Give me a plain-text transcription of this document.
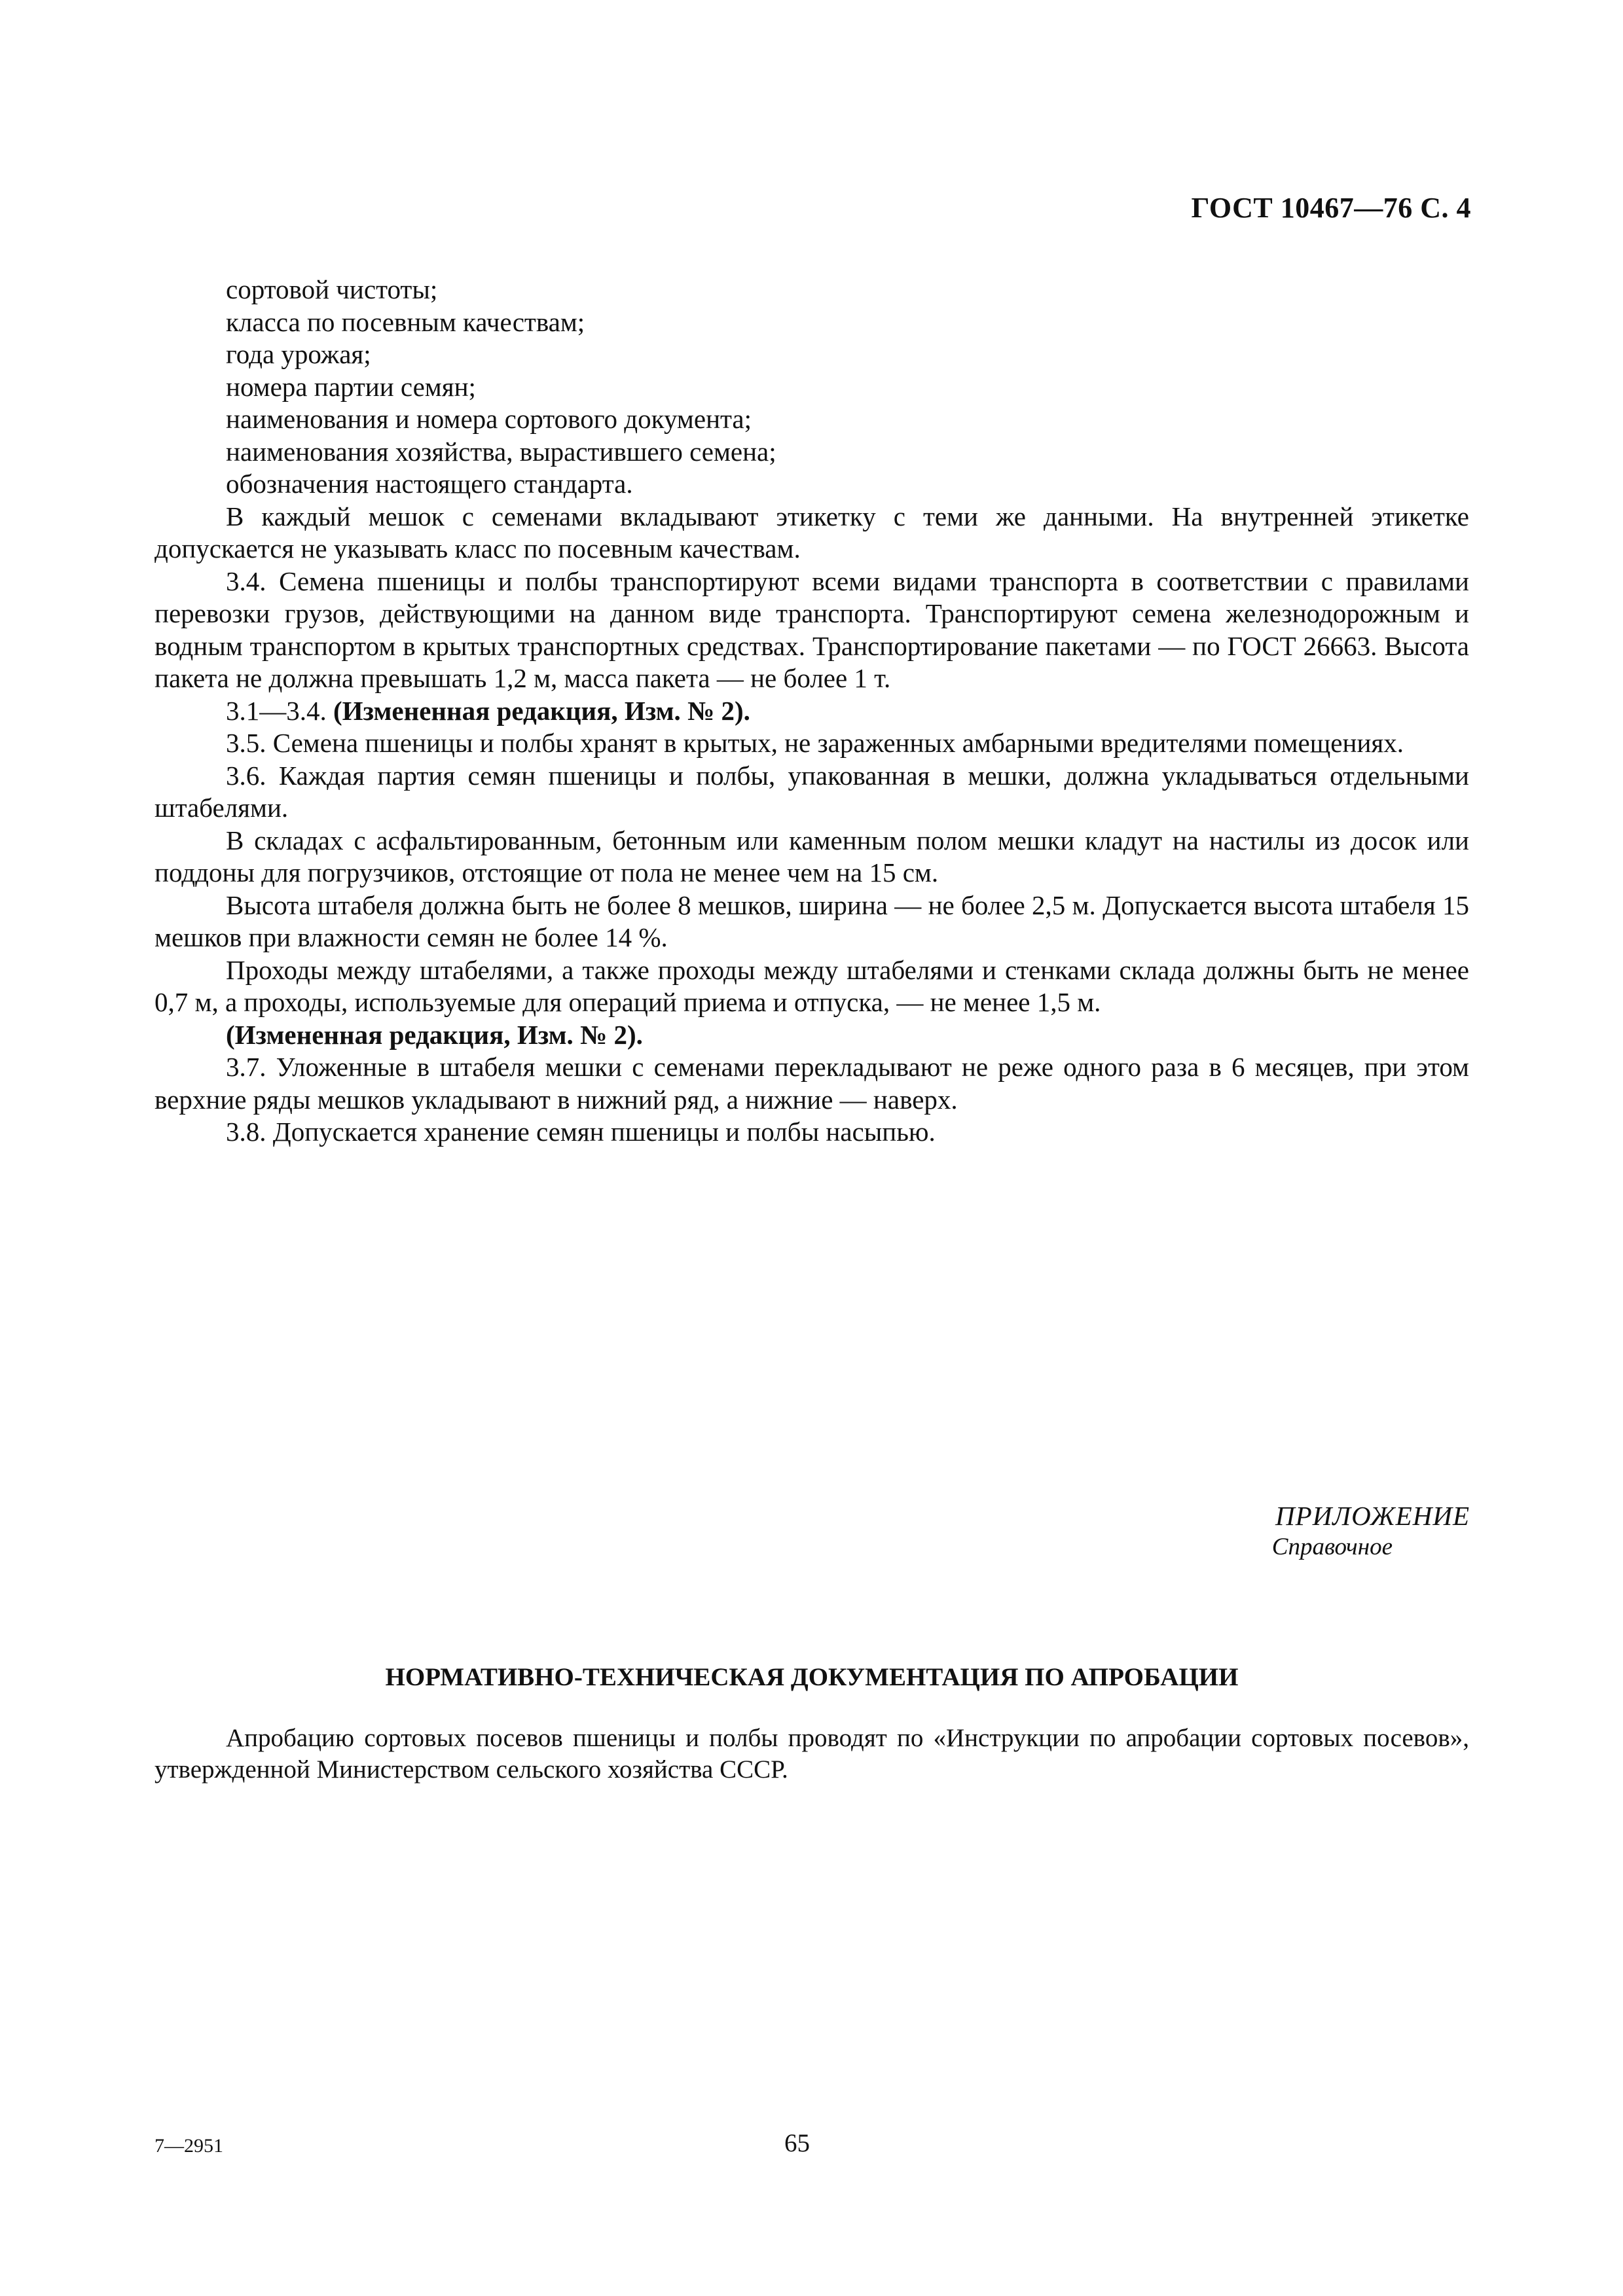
ГОСТ 10467—76 С. 4

сортовой чистоты;

класса по посевным качествам;

года урожая;

номера партии семян;

наименования и номера сортового документа;

наименования хозяйства, вырастившего семена;

обозначения настоящего стандарта.

В каждый мешок с семенами вкладывают этикетку с теми же данными. На внутренней этикетке допускается не указывать класс по посевным качествам.

3.4. Семена пшеницы и полбы транспортируют всеми видами транспорта в соответствии с правилами перевозки грузов, действующими на данном виде транспорта. Транспортируют семена железнодорожным и водным транспортом в крытых транспортных средствах. Транспортирование пакетами — по ГОСТ 26663. Высота пакета не должна превышать 1,2 м, масса пакета — не более 1 т.

3.1—3.4. (Измененная редакция, Изм. № 2).

3.5. Семена пшеницы и полбы хранят в крытых, не зараженных амбарными вредителями помещениях.

3.6. Каждая партия семян пшеницы и полбы, упакованная в мешки, должна укладываться отдельными штабелями.

В складах с асфальтированным, бетонным или каменным полом мешки кладут на настилы из досок или поддоны для погрузчиков, отстоящие от пола не менее чем на 15 см.

Высота штабеля должна быть не более 8 мешков, ширина — не более 2,5 м. Допускается высота штабеля 15 мешков при влажности семян не более 14 %.

Проходы между штабелями, а также проходы между штабелями и стенками склада должны быть не менее 0,7 м, а проходы, используемые для операций приема и отпуска, — не менее 1,5 м.

(Измененная редакция, Изм. № 2).

3.7. Уложенные в штабеля мешки с семенами перекладывают не реже одного раза в 6 месяцев, при этом верхние ряды мешков укладывают в нижний ряд, а нижние — наверх.

3.8. Допускается хранение семян пшеницы и полбы насыпью.

ПРИЛОЖЕНИЕ
Справочное
НОРМАТИВНО-ТЕХНИЧЕСКАЯ ДОКУМЕНТАЦИЯ ПО АПРОБАЦИИ
Апробацию сортовых посевов пшеницы и полбы проводят по «Инструкции по апробации сортовых посевов», утвержденной Министерством сельского хозяйства СССР.
7—2951	65
